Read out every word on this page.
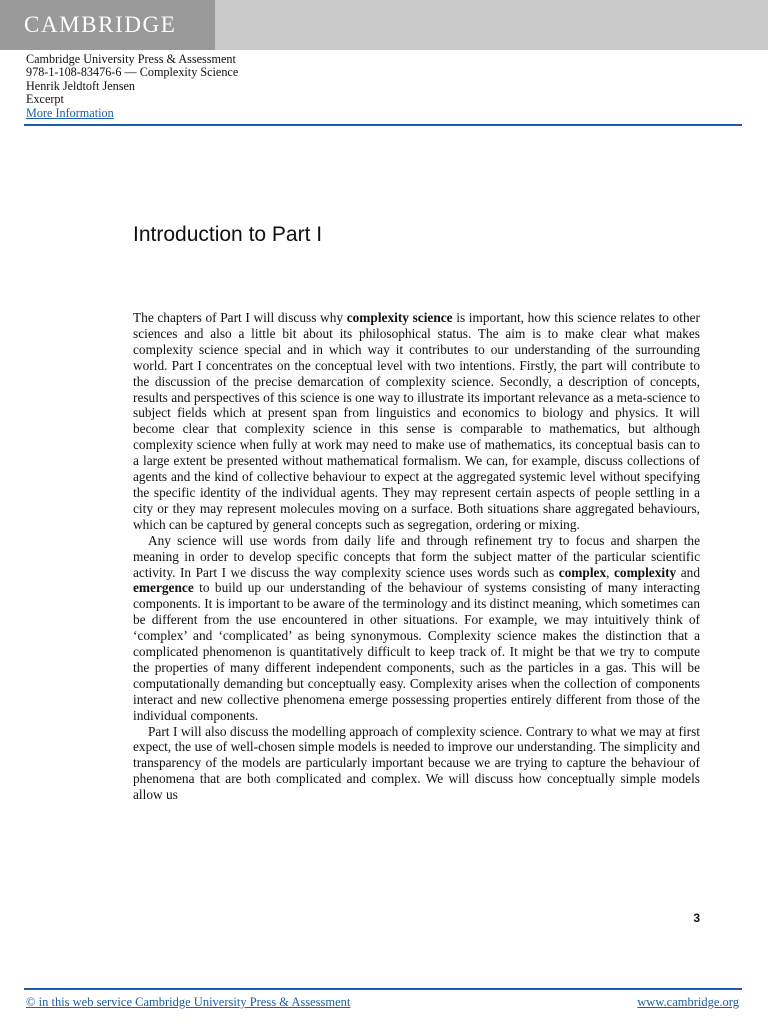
CAMBRIDGE
Cambridge University Press & Assessment
978-1-108-83476-6 — Complexity Science
Henrik Jeldtoft Jensen
Excerpt
More Information
Introduction to Part I

The chapters of Part I will discuss why complexity science is important, how this science relates to other sciences and also a little bit about its philosophical status. The aim is to make clear what makes complexity science special and in which way it contributes to our understanding of the surrounding world. Part I concentrates on the conceptual level with two intentions. Firstly, the part will contribute to the discussion of the precise demarcation of complexity science. Secondly, a description of concepts, results and perspectives of this science is one way to illustrate its important relevance as a meta-science to subject fields which at present span from linguistics and economics to biology and physics. It will become clear that complexity science in this sense is comparable to mathematics, but although complexity science when fully at work may need to make use of mathematics, its conceptual basis can to a large extent be presented without mathematical formalism. We can, for example, discuss collections of agents and the kind of collective behaviour to expect at the aggregated systemic level without specifying the specific identity of the individual agents. They may represent certain aspects of people settling in a city or they may represent molecules moving on a surface. Both situations share aggregated behaviours, which can be captured by general concepts such as segregation, ordering or mixing.

Any science will use words from daily life and through refinement try to focus and sharpen the meaning in order to develop specific concepts that form the subject matter of the particular scientific activity. In Part I we discuss the way complexity science uses words such as complex, complexity and emergence to build up our understanding of the behaviour of systems consisting of many interacting components. It is important to be aware of the terminology and its distinct meaning, which sometimes can be different from the use encountered in other situations. For example, we may intuitively think of ‘complex’ and ‘complicated’ as being synonymous. Complexity science makes the distinction that a complicated phenomenon is quantitatively difficult to keep track of. It might be that we try to compute the properties of many different independent components, such as the particles in a gas. This will be computationally demanding but conceptually easy. Complexity arises when the collection of components interact and new collective phenomena emerge possessing properties entirely different from those of the individual components.

Part I will also discuss the modelling approach of complexity science. Contrary to what we may at first expect, the use of well-chosen simple models is needed to improve our understanding. The simplicity and transparency of the models are particularly important because we are trying to capture the behaviour of phenomena that are both complicated and complex. We will discuss how conceptually simple models allow us

3
© in this web service Cambridge University Press & Assessment	www.cambridge.org
